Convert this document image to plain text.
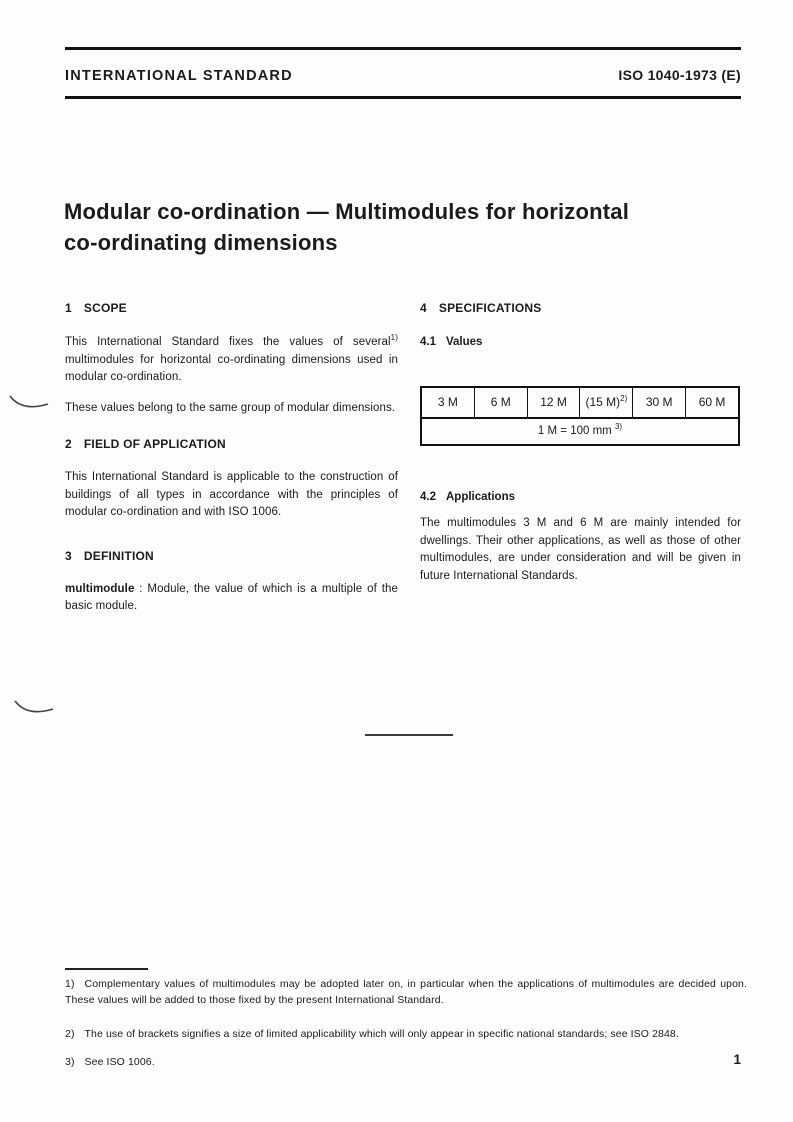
INTERNATIONAL STANDARD	ISO 1040-1973 (E)
Modular co-ordination — Multimodules for horizontal
co-ordinating dimensions
1 SCOPE

This International Standard fixes the values of several$^{1)}$ multimodules for horizontal co-ordinating dimensions used in modular co-ordination.

These values belong to the same group of modular dimensions.

2 FIELD OF APPLICATION

This International Standard is applicable to the construction of buildings of all types in accordance with the principles of modular co-ordination and with ISO 1006.

3 DEFINITION

multimodule : Module, the value of which is a multiple of the basic module.

4 SPECIFICATIONS
4.1 Values
3 M	6 M	12 M	(15 M)$^{2)}$	30 M	60 M
1 M = 100 mm $^{3)}$
4.2 Applications

The multimodules 3 M and 6 M are mainly intended for dwellings. Their other applications, as well as those of other multimodules, are under consideration and will be given in future International Standards.

1) Complementary values of multimodules may be adopted later on, in particular when the applications of multimodules are decided upon. These values will be added to those fixed by the present International Standard.

2) The use of brackets signifies a size of limited applicability which will only appear in specific national standards; see ISO 2848.

3) See ISO 1006.	1
